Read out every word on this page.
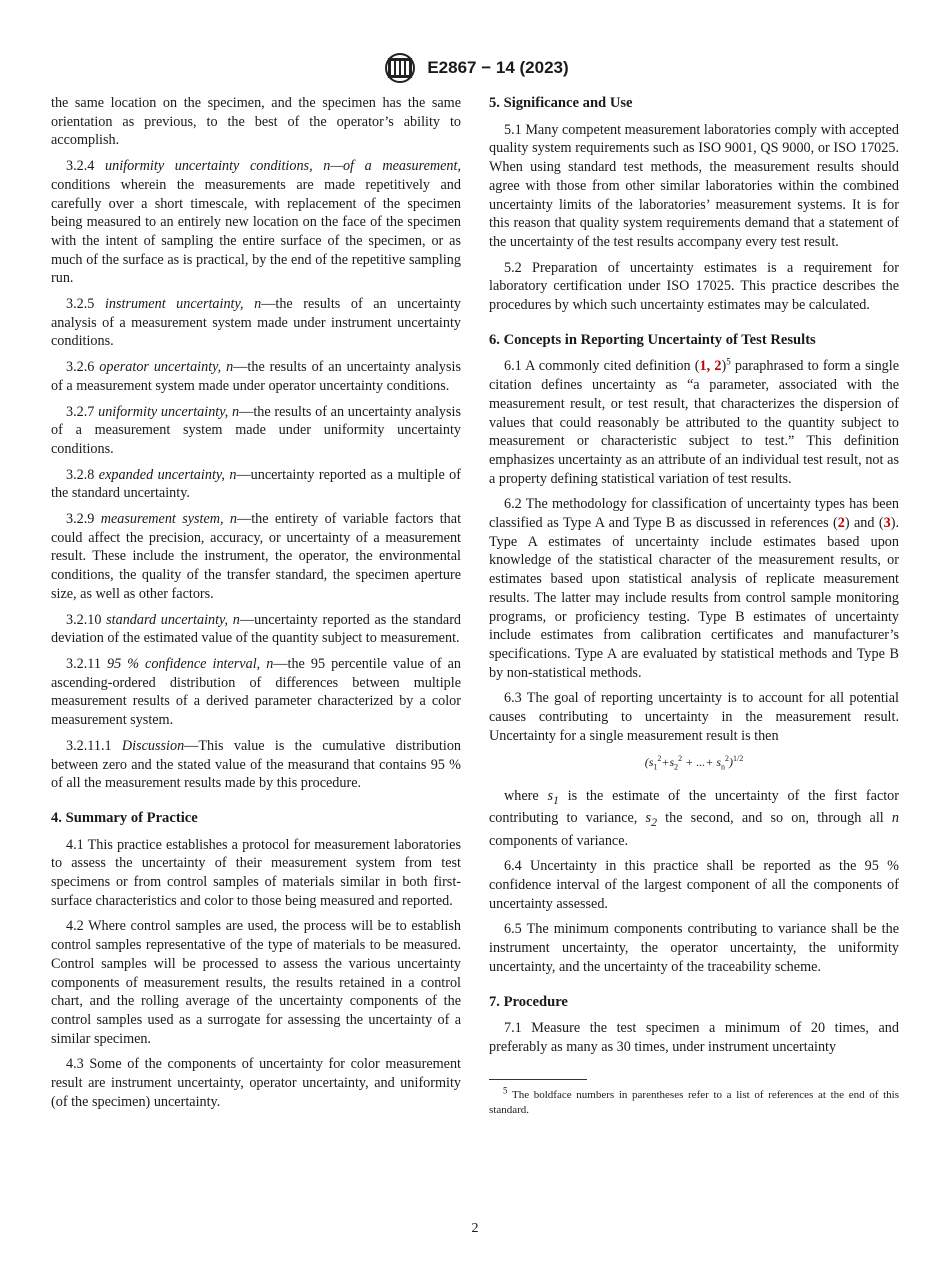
E2867 − 14 (2023)

the same location on the specimen, and the specimen has the same orientation as previous, to the best of the operator’s ability to accomplish.

3.2.4 uniformity uncertainty conditions, n—of a measurement, conditions wherein the measurements are made repetitively and carefully over a short timescale, with replacement of the specimen being measured to an entirely new location on the face of the specimen with the intent of sampling the entire surface of the specimen, or as much of the surface as is practical, by the end of the repetitive sampling run.

3.2.5 instrument uncertainty, n—the results of an uncertainty analysis of a measurement system made under instrument uncertainty conditions.

3.2.6 operator uncertainty, n—the results of an uncertainty analysis of a measurement system made under operator uncertainty conditions.

3.2.7 uniformity uncertainty, n—the results of an uncertainty analysis of a measurement system made under uniformity uncertainty conditions.

3.2.8 expanded uncertainty, n—uncertainty reported as a multiple of the standard uncertainty.

3.2.9 measurement system, n—the entirety of variable factors that could affect the precision, accuracy, or uncertainty of a measurement result. These include the instrument, the operator, the environmental conditions, the quality of the transfer standard, the specimen aperture size, as well as other factors.

3.2.10 standard uncertainty, n—uncertainty reported as the standard deviation of the estimated value of the quantity subject to measurement.

3.2.11 95 % confidence interval, n—the 95 percentile value of an ascending-ordered distribution of differences between multiple measurement results of a derived parameter characterized by a color measurement system.

3.2.11.1 Discussion—This value is the cumulative distribution between zero and the stated value of the measurand that contains 95 % of all the measurement results made by this procedure.

4. Summary of Practice

4.1 This practice establishes a protocol for measurement laboratories to assess the uncertainty of their measurement system from test specimens or from control samples of materials similar in both first-surface characteristics and color to those being measured and reported.

4.2 Where control samples are used, the process will be to establish control samples representative of the type of materials to be measured. Control samples will be processed to assess the various uncertainty components of measurement results, the results retained in a control chart, and the rolling average of the uncertainty components of the control samples used as a surrogate for assessing the uncertainty of a similar specimen.

4.3 Some of the components of uncertainty for color measurement result are instrument uncertainty, operator uncertainty, and uniformity (of the specimen) uncertainty.

5. Significance and Use

5.1 Many competent measurement laboratories comply with accepted quality system requirements such as ISO 9001, QS 9000, or ISO 17025. When using standard test methods, the measurement results should agree with those from other similar laboratories within the combined uncertainty limits of the laboratories’ measurement systems. It is for this reason that quality system requirements demand that a statement of the uncertainty of the test results accompany every test result.

5.2 Preparation of uncertainty estimates is a requirement for laboratory certification under ISO 17025. This practice describes the procedures by which such uncertainty estimates may be calculated.

6. Concepts in Reporting Uncertainty of Test Results

6.1 A commonly cited definition (1, 2)$^5$ paraphrased to form a single citation defines uncertainty as “a parameter, associated with the measurement result, or test result, that characterizes the dispersion of values that could reasonably be attributed to the quantity subject to measurement or characteristic subject to test.” This definition emphasizes uncertainty as an attribute of an individual test result, not as a property defining statistical variation of test results.

6.2 The methodology for classification of uncertainty types has been classified as Type A and Type B as discussed in references (2) and (3). Type A estimates of uncertainty include estimates based upon knowledge of the statistical character of the measurement results, or estimates based upon statistical analysis of replicate measurement results. The latter may include results from control sample monitoring programs, or proficiency testing. Type B estimates of uncertainty include estimates from calibration certificates and manufacturer’s specifications. Type A are evaluated by statistical methods and Type B by non-statistical methods.

6.3 The goal of reporting uncertainty is to account for all potential causes contributing to uncertainty in the measurement result. Uncertainty for a single measurement result is then

($s_1^2+s_2^2$ + ...+ $s_n^2)^{1/2}$

where $s_1$ is the estimate of the uncertainty of the first factor contributing to variance, $s_2$ the second, and so on, through all n components of variance.

6.4 Uncertainty in this practice shall be reported as the 95 % confidence interval of the largest component of all the components of uncertainty assessed.

6.5 The minimum components contributing to variance shall be the instrument uncertainty, the operator uncertainty, the uniformity uncertainty, and the uncertainty of the traceability scheme.

7. Procedure

7.1 Measure the test specimen a minimum of 20 times, and preferably as many as 30 times, under instrument uncertainty

$^5$ The boldface numbers in parentheses refer to a list of references at the end of this standard.

2
